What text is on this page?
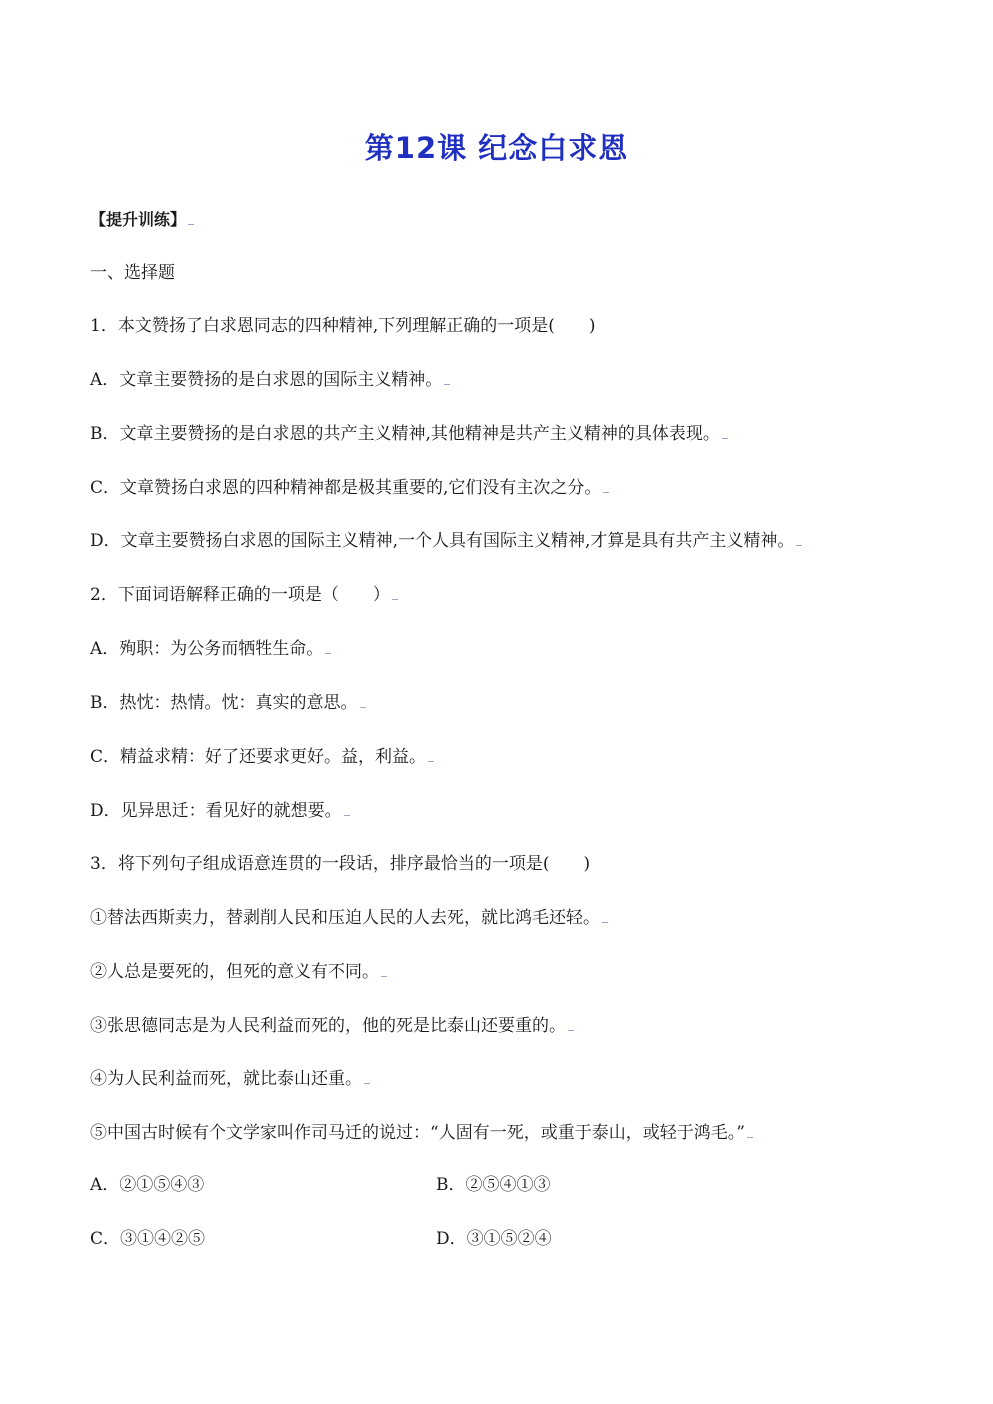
第12课 纪念白求恩
【提升训练】
一、选择题
1．本文赞扬了白求恩同志的四种精神,下列理解正确的一项是(　　)
A．文章主要赞扬的是白求恩的国际主义精神。
B．文章主要赞扬的是白求恩的共产主义精神,其他精神是共产主义精神的具体表现。
C．文章赞扬白求恩的四种精神都是极其重要的,它们没有主次之分。
D．文章主要赞扬白求恩的国际主义精神,一个人具有国际主义精神,才算是具有共产主义精神。
2．下面词语解释正确的一项是（　　）
A．殉职：为公务而牺牲生命。
B．热忱：热情。忱：真实的意思。
C．精益求精：好了还要求更好。益，利益。
D．见异思迁：看见好的就想要。
3．将下列句子组成语意连贯的一段话，排序最恰当的一项是(　　)
①替法西斯卖力，替剥削人民和压迫人民的人去死，就比鸿毛还轻。
②人总是要死的，但死的意义有不同。
③张思德同志是为人民利益而死的，他的死是比泰山还要重的。
④为人民利益而死，就比泰山还重。
⑤中国古时候有个文学家叫作司马迁的说过：“人固有一死，或重于泰山，或轻于鸿毛。”
A．②①⑤④③	B．②⑤④①③
C．③①④②⑤	D．③①⑤②④
